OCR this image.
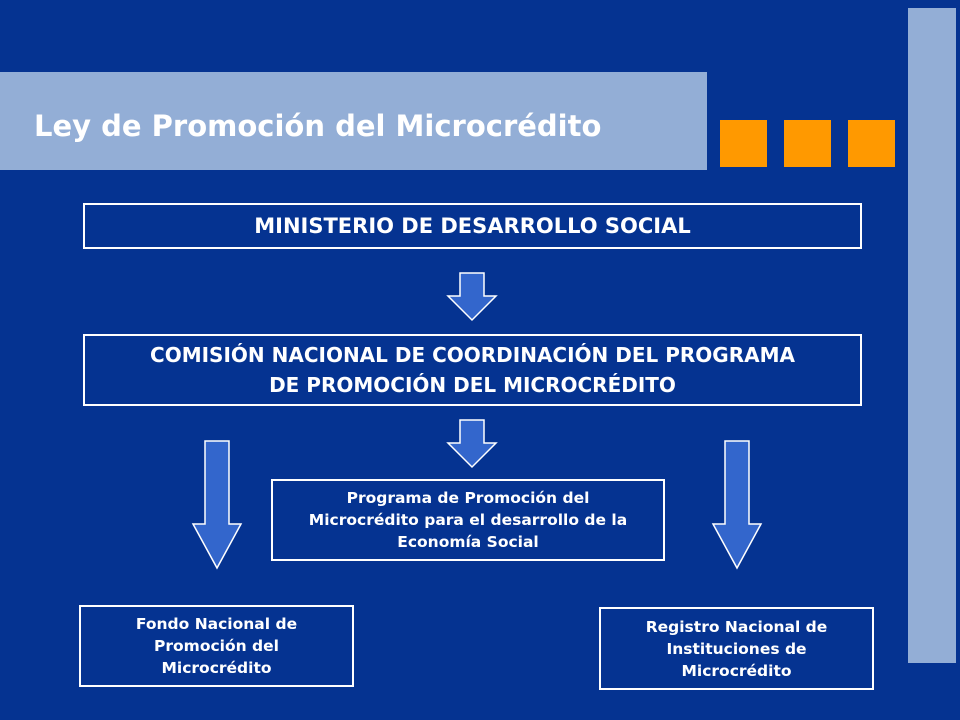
Ley de Promoción del Microcrédito
MINISTERIO DE DESARROLLO SOCIAL
COMISIÓN NACIONAL DE COORDINACIÓN DEL PROGRAMA DE PROMOCIÓN DEL MICROCRÉDITO
Programa de Promoción del Microcrédito para el desarrollo de la Economía Social
Fondo Nacional de Promoción del Microcrédito
Registro Nacional de Instituciones de Microcrédito
